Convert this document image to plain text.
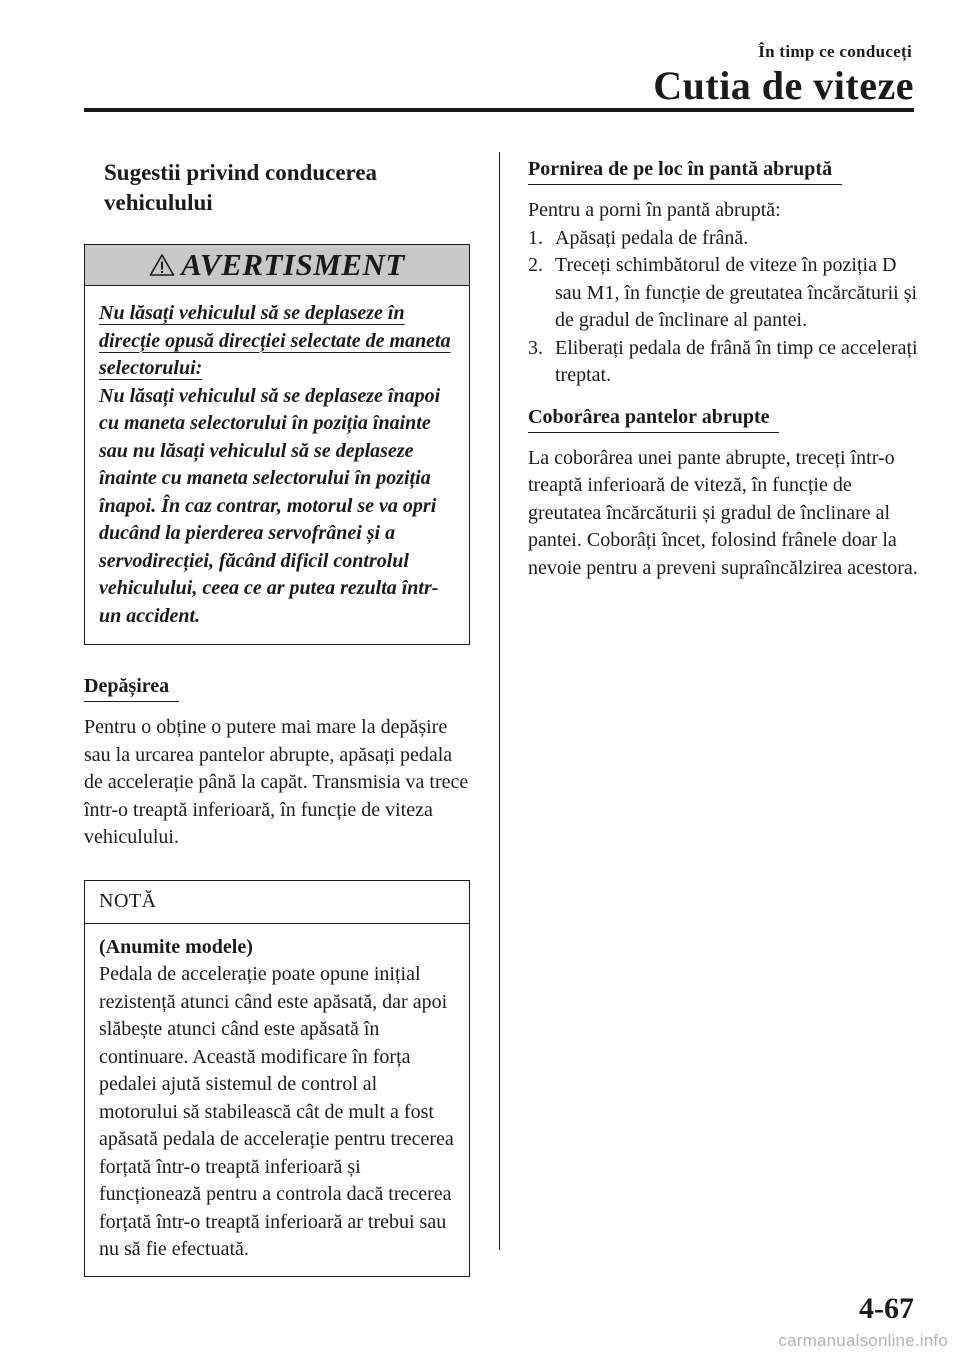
În timp ce conduceți
Cutia de viteze
Sugestii privind conducerea vehiculului
AVERTISMENT

Nu lăsați vehiculul să se deplaseze în direcție opusă direcției selectate de maneta selectorului:

Nu lăsați vehiculul să se deplaseze înapoi cu maneta selectorului în poziția înainte sau nu lăsați vehiculul să se deplaseze înainte cu maneta selectorului în poziția înapoi. În caz contrar, motorul se va opri ducând la pierderea servofrânei și a servodirecției, făcând dificil controlul vehiculului, ceea ce ar putea rezulta într-un accident.

Depășirea

Pentru o obține o putere mai mare la depășire sau la urcarea pantelor abrupte, apăsați pedala de accelerație până la capăt. Transmisia va trece într-o treaptă inferioară, în funcție de viteza vehiculului.

NOTĂ

(Anumite modele)

Pedala de accelerație poate opune inițial rezistență atunci când este apăsată, dar apoi slăbește atunci când este apăsată în continuare. Această modificare în forța pedalei ajută sistemul de control al motorului să stabilească cât de mult a fost apăsată pedala de accelerație pentru trecerea forțată într-o treaptă inferioară și funcționează pentru a controla dacă trecerea forțată într-o treaptă inferioară ar trebui sau nu să fie efectuată.

Pornirea de pe loc în pantă abruptă

Pentru a porni în pantă abruptă:

1. Apăsați pedala de frână.
2. Treceți schimbătorul de viteze în poziția D sau M1, în funcție de greutatea încărcăturii și de gradul de înclinare al pantei.
3. Eliberați pedala de frână în timp ce accelerați treptat.
Coborârea pantelor abrupte

La coborârea unei pante abrupte, treceți într-o treaptă inferioară de viteză, în funcție de greutatea încărcăturii și gradul de înclinare al pantei. Coborâți încet, folosind frânele doar la nevoie pentru a preveni supraîncălzirea acestora.

4-67
carmanualsonline.info
